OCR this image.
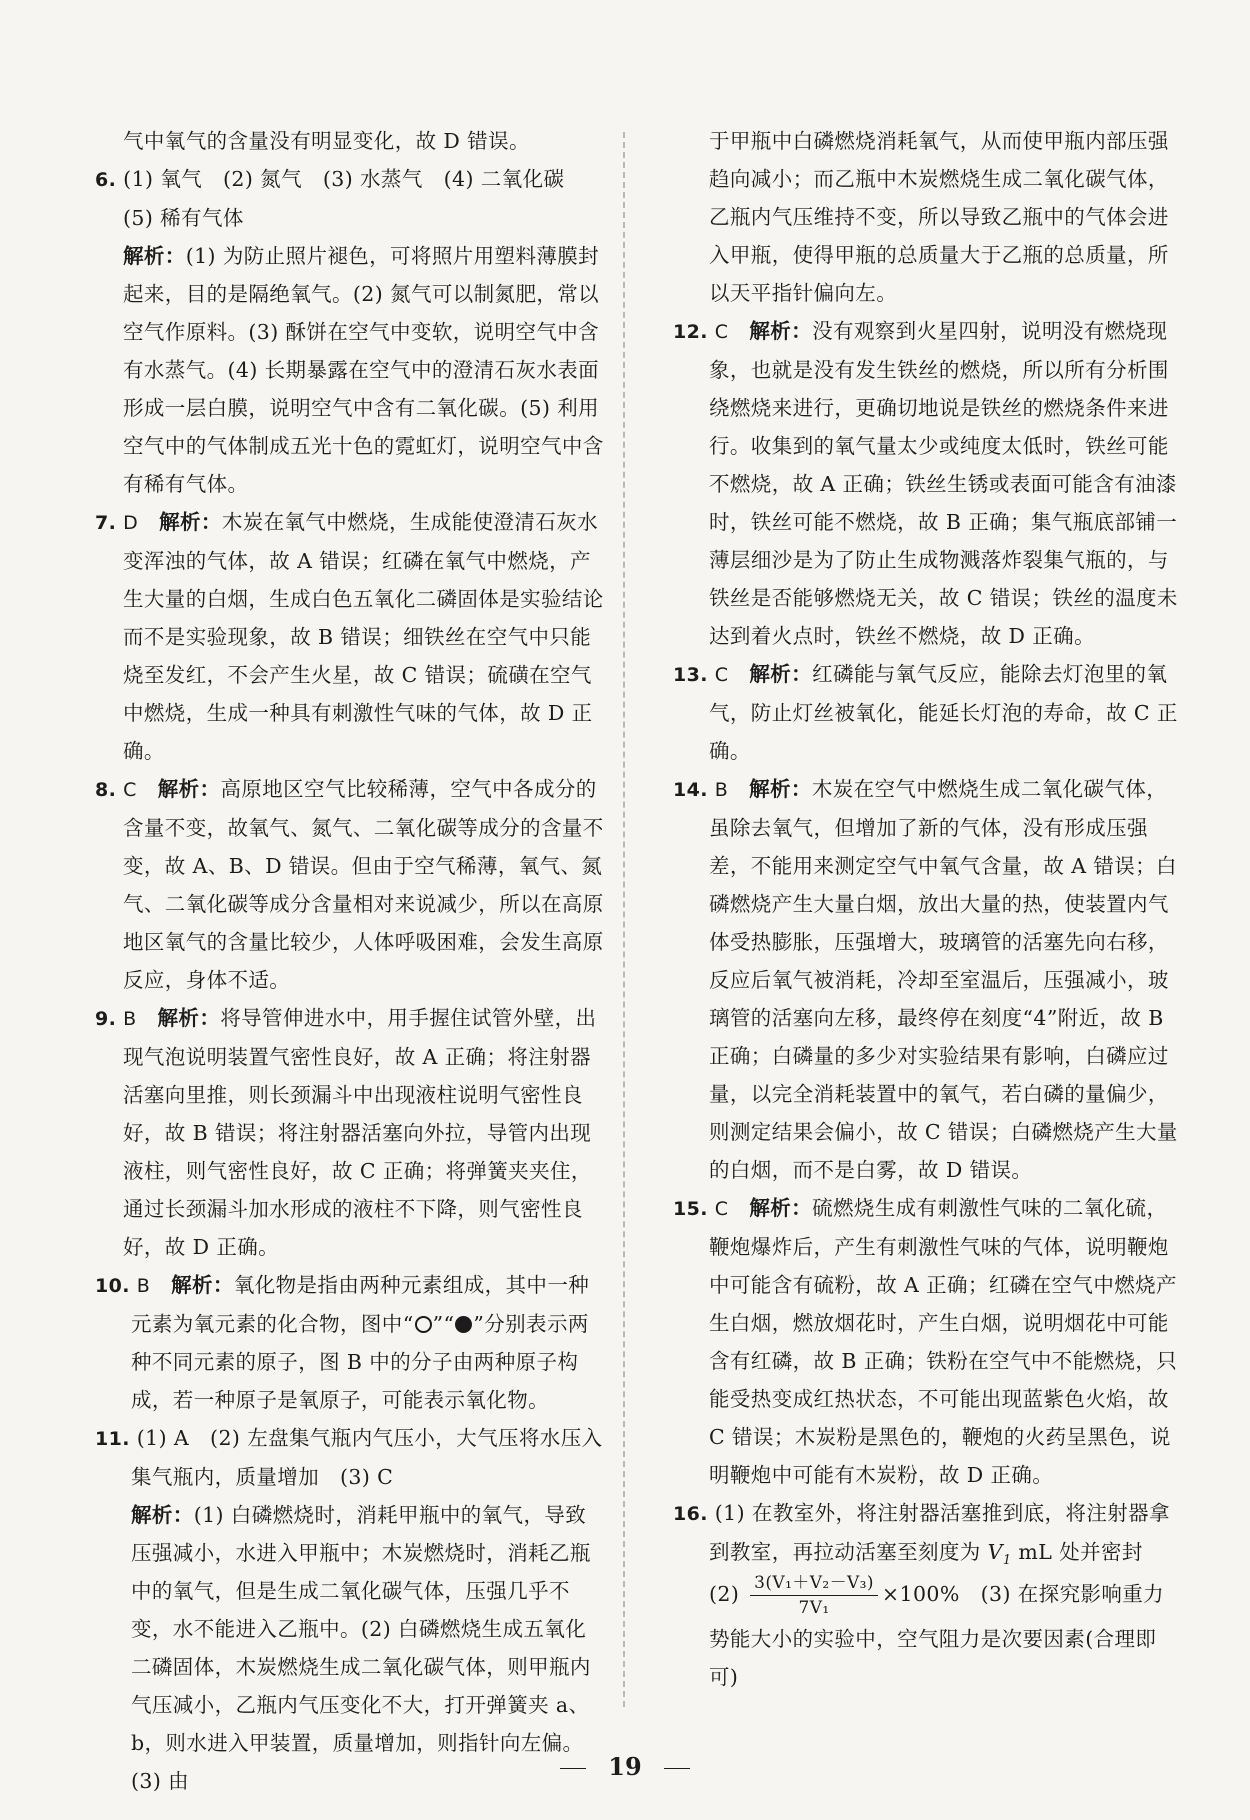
气中氧气的含量没有明显变化，故 D 错误。

6. (1) 氧气　(2) 氮气　(3) 水蒸气　(4) 二氧化碳

(5) 稀有气体

解析：(1) 为防止照片褪色，可将照片用塑料薄膜封起来，目的是隔绝氧气。(2) 氮气可以制氮肥，常以空气作原料。(3) 酥饼在空气中变软，说明空气中含有水蒸气。(4) 长期暴露在空气中的澄清石灰水表面形成一层白膜，说明空气中含有二氧化碳。(5) 利用空气中的气体制成五光十色的霓虹灯，说明空气中含有稀有气体。

7. D　 解析：木炭在氧气中燃烧，生成能使澄清石灰水变浑浊的气体，故 A 错误；红磷在氧气中燃烧，产生大量的白烟，生成白色五氧化二磷固体是实验结论而不是实验现象，故 B 错误；细铁丝在空气中只能烧至发红，不会产生火星，故 C 错误；硫磺在空气中燃烧，生成一种具有刺激性气味的气体，故 D 正确。

8. C　 解析：高原地区空气比较稀薄，空气中各成分的含量不变，故氧气、氮气、二氧化碳等成分的含量不变，故 A、B、D 错误。但由于空气稀薄，氧气、氮气、二氧化碳等成分含量相对来说减少，所以在高原地区氧气的含量比较少，人体呼吸困难，会发生高原反应，身体不适。

9. B　 解析：将导管伸进水中，用手握住试管外壁，出现气泡说明装置气密性良好，故 A 正确；将注射器活塞向里推，则长颈漏斗中出现液柱说明气密性良好，故 B 错误；将注射器活塞向外拉，导管内出现液柱，则气密性良好，故 C 正确；将弹簧夹夹住，通过长颈漏斗加水形成的液柱不下降，则气密性良好，故 D 正确。

10. B　 解析：氧化物是指由两种元素组成，其中一种元素为氧元素的化合物，图中“ ”“ ”分别表示两种不同元素的原子，图 B 中的分子由两种原子构成，若一种原子是氧原子，可能表示氧化物。

11. (1) A　(2) 左盘集气瓶内气压小，大气压将水压入集气瓶内，质量增加　(3) C

解析：(1) 白磷燃烧时，消耗甲瓶中的氧气，导致压强减小，水进入甲瓶中；木炭燃烧时，消耗乙瓶中的氧气，但是生成二氧化碳气体，压强几乎不变，水不能进入乙瓶中。(2) 白磷燃烧生成五氧化二磷固体，木炭燃烧生成二氧化碳气体，则甲瓶内气压减小，乙瓶内气压变化不大，打开弹簧夹 a、b，则水进入甲装置，质量增加，则指针向左偏。(3) 由

于甲瓶中白磷燃烧消耗氧气，从而使甲瓶内部压强趋向减小；而乙瓶中木炭燃烧生成二氧化碳气体，乙瓶内气压维持不变，所以导致乙瓶中的气体会进入甲瓶，使得甲瓶的总质量大于乙瓶的总质量，所以天平指针偏向左。

12. C　 解析：没有观察到火星四射，说明没有燃烧现象，也就是没有发生铁丝的燃烧，所以所有分析围绕燃烧来进行，更确切地说是铁丝的燃烧条件来进行。收集到的氧气量太少或纯度太低时，铁丝可能不燃烧，故 A 正确；铁丝生锈或表面可能含有油漆时，铁丝可能不燃烧，故 B 正确；集气瓶底部铺一薄层细沙是为了防止生成物溅落炸裂集气瓶的，与铁丝是否能够燃烧无关，故 C 错误；铁丝的温度未达到着火点时，铁丝不燃烧，故 D 正确。

13. C　 解析：红磷能与氧气反应，能除去灯泡里的氧气，防止灯丝被氧化，能延长灯泡的寿命，故 C 正确。

14. B　 解析：木炭在空气中燃烧生成二氧化碳气体，虽除去氧气，但增加了新的气体，没有形成压强差，不能用来测定空气中氧气含量，故 A 错误；白磷燃烧产生大量白烟，放出大量的热，使装置内气体受热膨胀，压强增大，玻璃管的活塞先向右移，反应后氧气被消耗，冷却至室温后，压强减小，玻璃管的活塞向左移，最终停在刻度“4”附近，故 B 正确；白磷量的多少对实验结果有影响，白磷应过量，以完全消耗装置中的氧气，若白磷的量偏少，则测定结果会偏小，故 C 错误；白磷燃烧产生大量的白烟，而不是白雾，故 D 错误。

15. C　 解析：硫燃烧生成有刺激性气味的二氧化硫，鞭炮爆炸后，产生有刺激性气味的气体，说明鞭炮中可能含有硫粉，故 A 正确；红磷在空气中燃烧产生白烟，燃放烟花时，产生白烟，说明烟花中可能含有红磷，故 B 正确；铁粉在空气中不能燃烧，只能受热变成红热状态，不可能出现蓝紫色火焰，故 C 错误；木炭粉是黑色的，鞭炮的火药呈黑色，说明鞭炮中可能有木炭粉，故 D 正确。

16. (1) 在教室外，将注射器活塞推到底，将注射器拿到教室，再拉动活塞至刻度为 $V_1$ mL 处并密封

$(2) \frac{\text{3(V₁＋V₂－V₃)}}{\text{7V₁}} \times 100\%$　(3) 在探究影响重力势能大小的实验中，空气阻力是次要因素(合理即可)

19
